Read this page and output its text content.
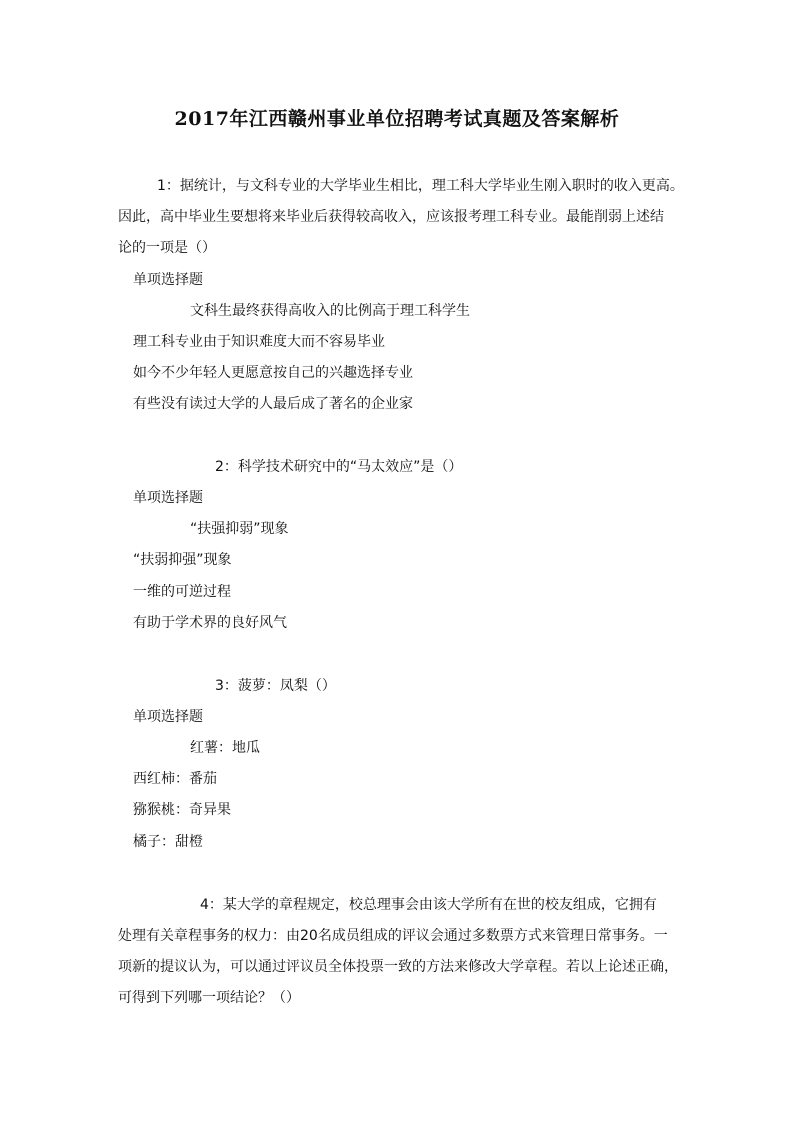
2017年江西赣州事业单位招聘考试真题及答案解析
1：据统计，与文科专业的大学毕业生相比，理工科大学毕业生刚入职时的收入更高。
因此，高中毕业生要想将来毕业后获得较高收入，应该报考理工科专业。最能削弱上述结
论的一项是（）
单项选择题
文科生最终获得高收入的比例高于理工科学生
理工科专业由于知识难度大而不容易毕业
如今不少年轻人更愿意按自己的兴趣选择专业
有些没有读过大学的人最后成了著名的企业家
2：科学技术研究中的“马太效应”是（）
单项选择题
“扶强抑弱”现象
“扶弱抑强”现象
一维的可逆过程
有助于学术界的良好风气
3：菠萝：凤梨（）
单项选择题
红薯：地瓜
西红柿：番茄
猕猴桃：奇异果
橘子：甜橙
4：某大学的章程规定，校总理事会由该大学所有在世的校友组成，它拥有
处理有关章程事务的权力：由20名成员组成的评议会通过多数票方式来管理日常事务。一
项新的提议认为，可以通过评议员全体投票一致的方法来修改大学章程。若以上论述正确，
可得到下列哪一项结论？（）
